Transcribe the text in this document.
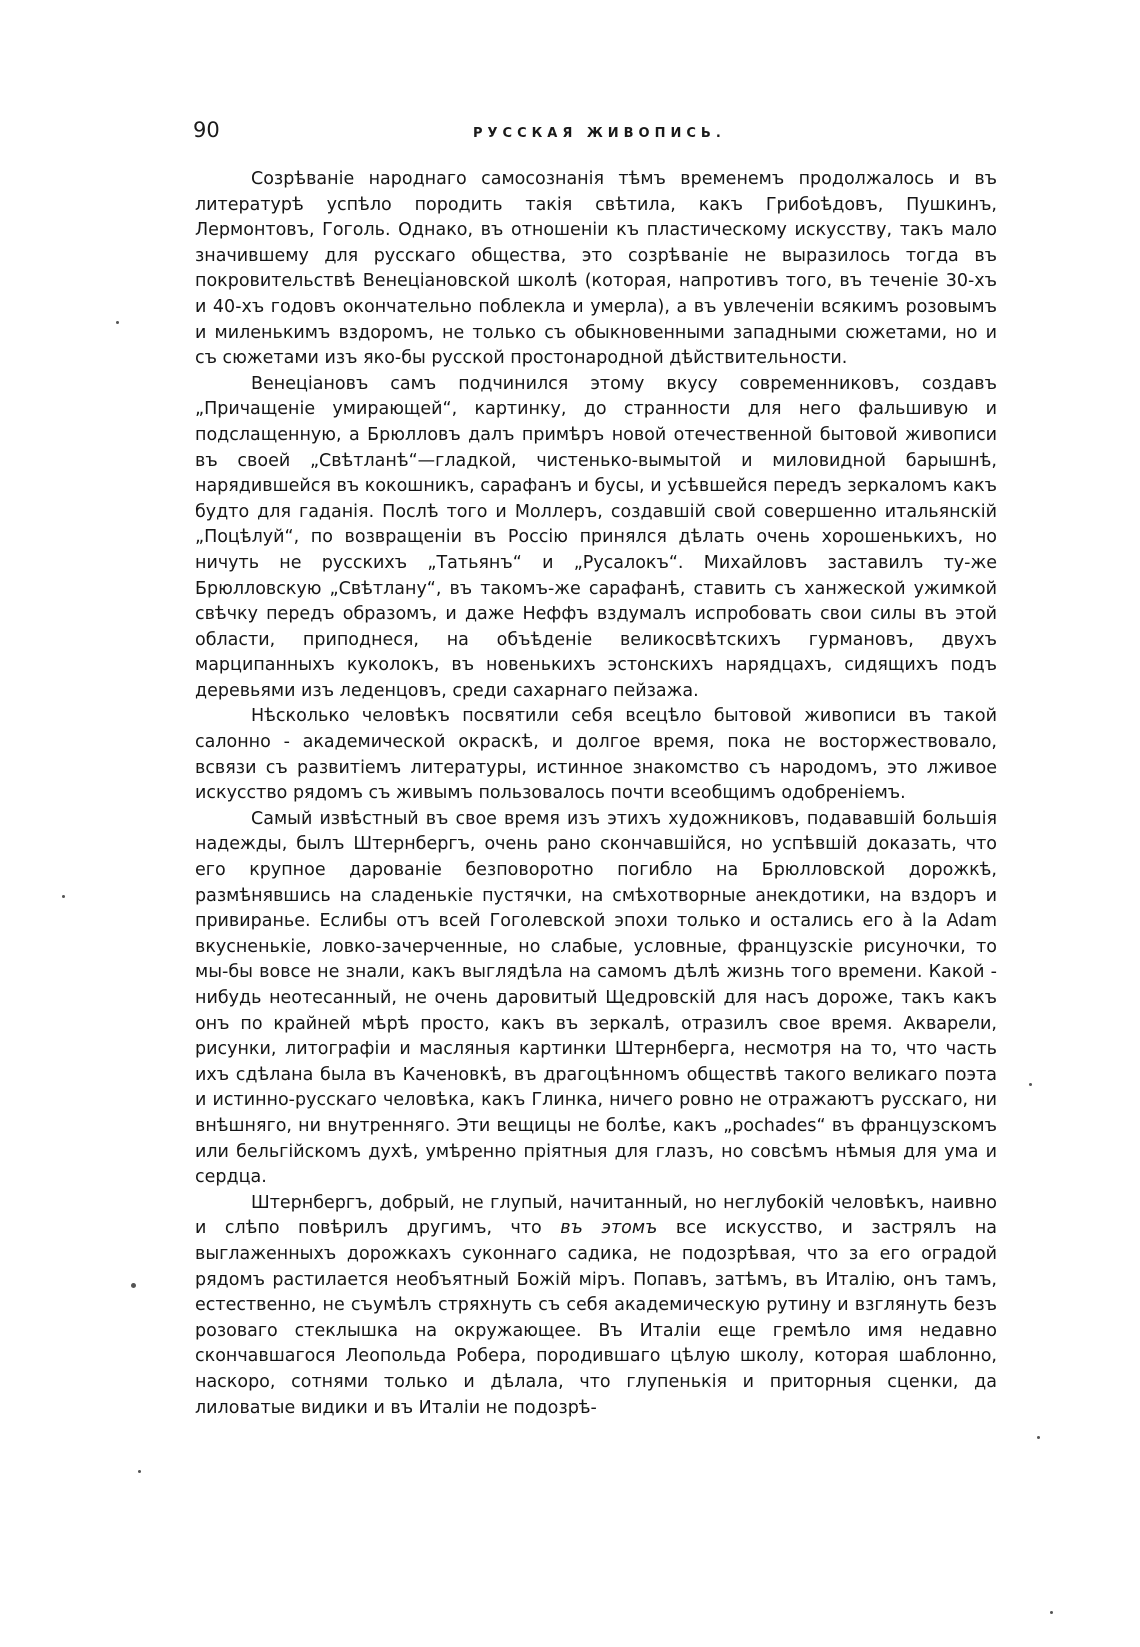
90	РУССКАЯ ЖИВОПИСЬ.

Созрѣваніе народнаго самосознанія тѣмъ временемъ продолжалось и въ литературѣ успѣло породить такія свѣтила, какъ Грибоѣдовъ, Пушкинъ, Лермонтовъ, Гоголь. Однако, въ отношеніи къ пластическому искусству, такъ мало значившему для русскаго общества, это созрѣваніе не выразилось тогда въ покровительствѣ Венеціановской школѣ (которая, напротивъ того, въ теченіе 30-хъ и 40-хъ годовъ окончательно поблекла и умерла), а въ увлеченіи всякимъ розовымъ и миленькимъ вздоромъ, не только съ обыкновенными западными сюжетами, но и съ сюжетами изъ яко-бы русской простонародной дѣйствительности.

Венеціановъ самъ подчинился этому вкусу современниковъ, создавъ „Причащеніе умирающей“, картинку, до странности для него фальшивую и подслащенную, а Брюлловъ далъ примѣръ новой отечественной бытовой живописи въ своей „Свѣтланѣ“—гладкой, чистенько-вымытой и миловидной барышнѣ, нарядившейся въ кокошникъ, сарафанъ и бусы, и усѣвшейся передъ зеркаломъ какъ будто для гаданія. Послѣ того и Моллеръ, создавшій свой совершенно итальянскій „Поцѣлуй“, по возвращеніи въ Россію принялся дѣлать очень хорошенькихъ, но ничуть не русскихъ „Татьянъ“ и „Русалокъ“. Михайловъ заставилъ ту-же Брюлловскую „Свѣтлану“, въ такомъ-же сарафанѣ, ставить съ ханжеской ужимкой свѣчку передъ образомъ, и даже Неффъ вздумалъ испробовать свои силы въ этой области, приподнеся, на объѣденіе великосвѣтскихъ гурмановъ, двухъ марципанныхъ куколокъ, въ новенькихъ эстонскихъ нарядцахъ, сидящихъ подъ деревьями изъ леденцовъ, среди сахарнаго пейзажа.

Нѣсколько человѣкъ посвятили себя всецѣло бытовой живописи въ такой салонно - академической окраскѣ, и долгое время, пока не восторжествовало, всвязи съ развитіемъ литературы, истинное знакомство съ народомъ, это лживое искусство рядомъ съ живымъ пользовалось почти всеобщимъ одобреніемъ.

Самый извѣстный въ свое время изъ этихъ художниковъ, подававшій большія надежды, былъ Штернбергъ, очень рано скончавшійся, но успѣвшій доказать, что его крупное дарованіе безповоротно погибло на Брюлловской дорожкѣ, размѣнявшись на сладенькіе пустячки, на смѣхотворные анекдотики, на вздоръ и привиранье. Еслибы отъ всей Гоголевской эпохи только и остались его à la Adam вкусненькіе, ловко-зачерченные, но слабые, условные, французскіе рисуночки, то мы-бы вовсе не знали, какъ выглядѣла на самомъ дѣлѣ жизнь того времени. Какой - нибудь неотесанный, не очень даровитый Щедровскій для насъ дороже, такъ какъ онъ по крайней мѣрѣ просто, какъ въ зеркалѣ, отразилъ свое время. Акварели, рисунки, литографіи и масляныя картинки Штернберга, несмотря на то, что часть ихъ сдѣлана была въ Каченовкѣ, въ драгоцѣнномъ обществѣ такого великаго поэта и истинно-русскаго человѣка, какъ Глинка, ничего ровно не отражаютъ русскаго, ни внѣшняго, ни внутренняго. Эти вещицы не болѣе, какъ „pochades“ въ французскомъ или бельгійскомъ духѣ, умѣренно пріятныя для глазъ, но совсѣмъ нѣмыя для ума и сердца.

Штернбергъ, добрый, не глупый, начитанный, но неглубокій человѣкъ, наивно и слѣпо повѣрилъ другимъ, что въ этомъ все искусство, и застрялъ на выглаженныхъ дорожкахъ суконнаго садика, не подозрѣвая, что за его оградой рядомъ растилается необъятный Божій міръ. Попавъ, затѣмъ, въ Италію, онъ тамъ, естественно, не съумѣлъ стряхнуть съ себя академическую рутину и взглянуть безъ розоваго стеклышка на окружающее. Въ Италіи еще гремѣло имя недавно скончавшагося Леопольда Робера, породившаго цѣлую школу, которая шаблонно, наскоро, сотнями только и дѣлала, что глупенькія и приторныя сценки, да лиловатые видики и въ Италіи не подозрѣ-
